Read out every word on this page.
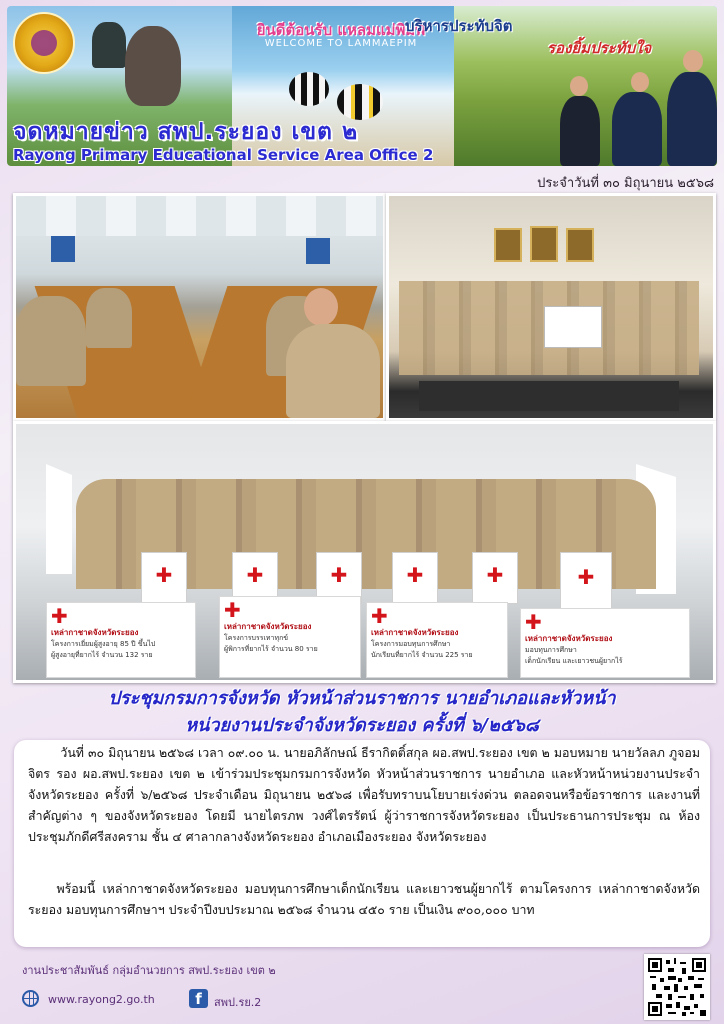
ยินดีต้อนรับ แหลมแม่พิมพ์
WELCOME TO LAMMAEPIM
บริหารประทับจิต
รองยิ้มประทับใจ
จดหมายข่าว สพป.ระยอง เขต ๒
Rayong Primary Educational Service Area Office 2
ประจำวันที่ ๓๐ มิถุนายน ๒๕๖๘
✚	✚	✚	✚	✚	✚
✚
เหล่ากาชาดจังหวัดระยอง
โครงการเยี่ยมผู้สูงอายุ 85 ปี ขึ้นไป
ผู้สูงอายุที่ยากไร้ จำนวน 132 ราย
✚
เหล่ากาชาดจังหวัดระยอง
โครงการบรรเทาทุกข์
ผู้พิการที่ยากไร้ จำนวน 80 ราย
✚
เหล่ากาชาดจังหวัดระยอง
โครงการมอบทุนการศึกษา
นักเรียนที่ยากไร้ จำนวน 225 ราย
✚
เหล่ากาชาดจังหวัดระยอง
มอบทุนการศึกษา
เด็กนักเรียน และเยาวชนผู้ยากไร้
ประชุมกรมการจังหวัด หัวหน้าส่วนราชการ นายอำเภอและหัวหน้า
หน่วยงานประจำจังหวัดระยอง ครั้งที่ ๖/๒๕๖๘
วันที่ ๓๐ มิถุนายน ๒๕๖๘ เวลา ๐๙.๐๐ น. นายอภิลักษณ์ ธีรากิตติ์สกุล ผอ.สพป.ระยอง เขต ๒ มอบหมาย นายวัลลภ ภูจอมจิตร รอง ผอ.สพป.ระยอง เขต ๒ เข้าร่วมประชุมกรมการจังหวัด หัวหน้าส่วนราชการ นายอำเภอ และหัวหน้าหน่วยงานประจำจังหวัดระยอง ครั้งที่ ๖/๒๕๖๘ ประจำเดือน มิถุนายน ๒๕๖๘ เพื่อรับทราบนโยบายเร่งด่วน ตลอดจนหรือข้อราชการ และงานที่สำคัญต่าง ๆ ของจังหวัดระยอง โดยมี นายไตรภพ วงศ์ไตรรัตน์ ผู้ว่าราชการจังหวัดระยอง เป็นประธานการประชุม ณ ห้องประชุมภักดีศรีสงคราม ชั้น ๔ ศาลากลางจังหวัดระยอง อำเภอเมืองระยอง จังหวัดระยอง
พร้อมนี้ เหล่ากาชาดจังหวัดระยอง มอบทุนการศึกษาเด็กนักเรียน และเยาวชนผู้ยากไร้ ตามโครงการ เหล่ากาชาดจังหวัดระยอง มอบทุนการศึกษาฯ ประจำปีงบประมาณ ๒๕๖๘ จำนวน ๔๕๐ ราย เป็นเงิน ๙๐๐,๐๐๐ บาท
งานประชาสัมพันธ์ กลุ่มอำนวยการ สพป.ระยอง เขต ๒
www.rayong2.go.th	f	สพป.รย.2
